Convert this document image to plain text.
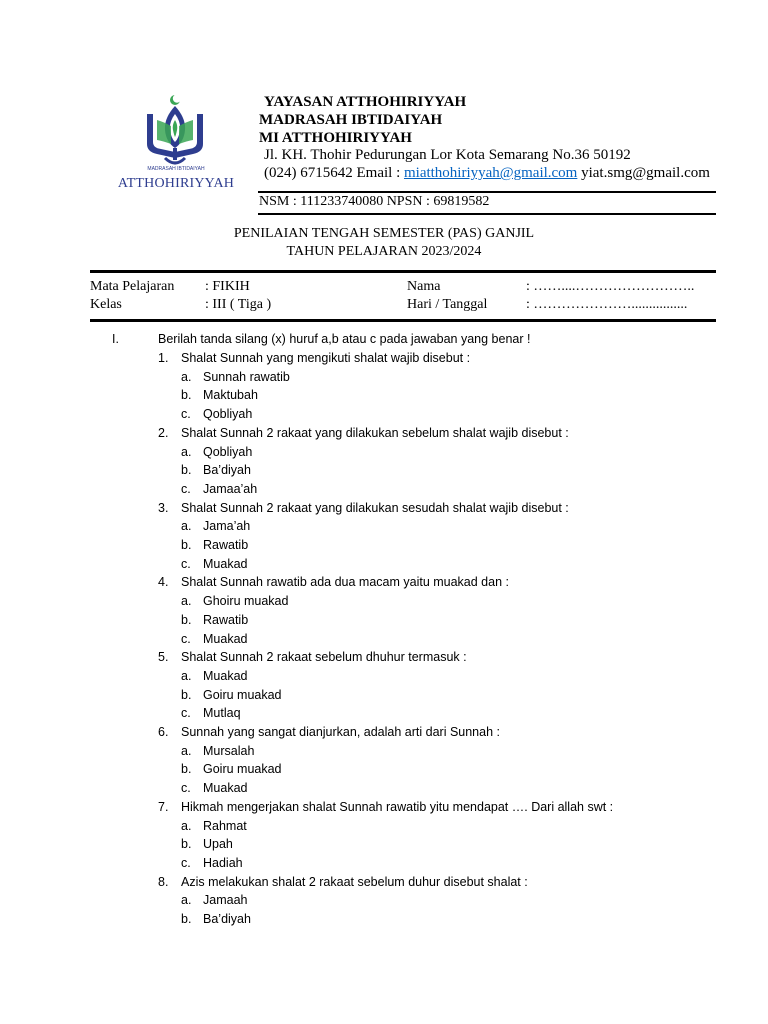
MADRASAH IBTIDAIYAH
ATTHOHIRIYYAH
YAYASAN ATTHOHIRIYYAH
MADRASAH IBTIDAIYAH
MI ATTHOHIRIYYAH
Jl. KH. Thohir Pedurungan Lor Kota Semarang No.36 50192
(024) 6715642 Email : miatthohiriyyah@gmail.com yiat.smg@gmail.com
NSM : 111233740080 NPSN : 69819582
PENILAIAN TENGAH SEMESTER (PAS) GANJIL
TAHUN PELAJARAN 2023/2024
Mata Pelajaran : FIKIH	Nama	: ……....……………………..
Kelas	: III ( Tiga )	Hari / Tanggal	: …………………................
I.	Berilah tanda silang (x) huruf a,b atau c pada jawaban yang benar !
1. Shalat Sunnah yang mengikuti shalat wajib disebut :
a. Sunnah rawatib
b. Maktubah
c. Qobliyah
2. Shalat Sunnah 2 rakaat yang dilakukan sebelum shalat wajib disebut :
a. Qobliyah
b. Ba’diyah
c. Jamaa’ah
3. Shalat Sunnah 2 rakaat yang dilakukan sesudah shalat wajib disebut :
a. Jama’ah
b. Rawatib
c. Muakad
4. Shalat Sunnah rawatib ada dua macam yaitu muakad dan :
a. Ghoiru muakad
b. Rawatib
c. Muakad
5. Shalat Sunnah 2 rakaat sebelum dhuhur termasuk :
a. Muakad
b. Goiru muakad
c. Mutlaq
6. Sunnah yang sangat dianjurkan, adalah arti dari Sunnah :
a. Mursalah
b. Goiru muakad
c. Muakad
7. Hikmah mengerjakan shalat Sunnah rawatib yitu mendapat …. Dari allah swt :
a. Rahmat
b. Upah
c. Hadiah
8. Azis melakukan shalat 2 rakaat sebelum duhur disebut shalat :
a. Jamaah
b. Ba’diyah
